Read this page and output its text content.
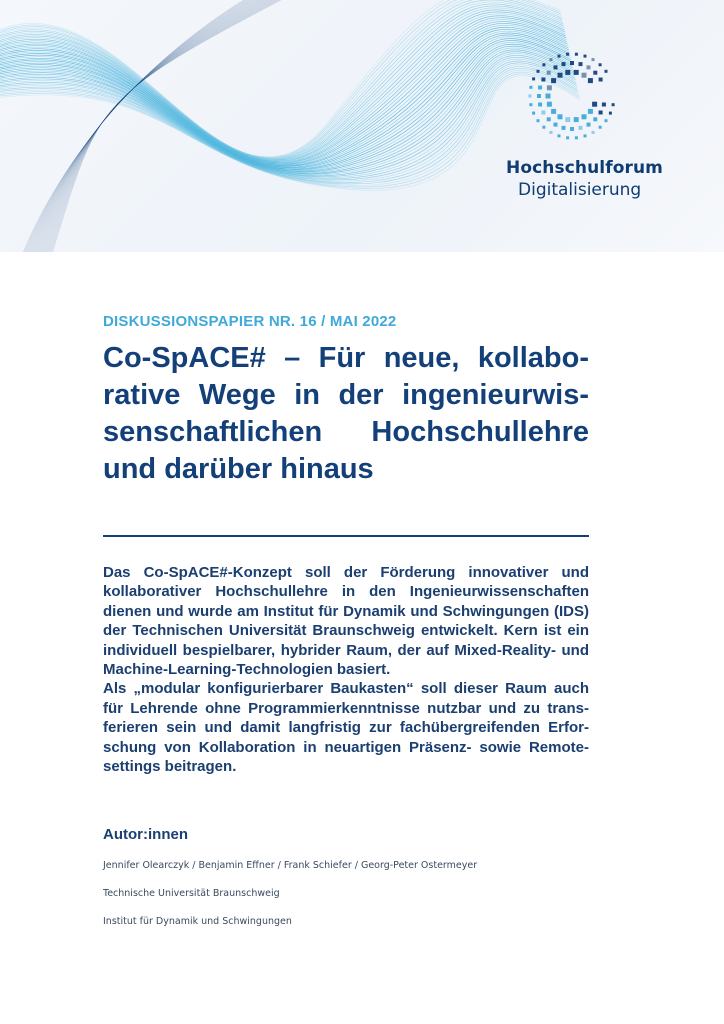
Hochschulforum
Digitalisierung
DISKUSSIONSPAPIER NR. 16 / MAI 2022
Co-SpACE# – Für neue, kollabo-rative Wege in der ingenieurwis-senschaftlichen Hochschullehre und darüber hinaus

Das Co-SpACE#-Konzept soll der Förderung innovativer und kollaborativer Hochschullehre in den Ingenieurwissenschaften dienen und wurde am Institut für Dynamik und Schwingungen (IDS) der Technischen Universität Braunschweig entwickelt. Kern ist ein individuell bespielbarer, hybrider Raum, der auf Mixed-Reality- und Machine-Learning-Technologien basiert.

Als „modular konfigurierbarer Baukasten“ soll dieser Raum auch für Lehrende ohne Programmierkenntnisse nutzbar und zu trans-ferieren sein und damit langfristig zur fachübergreifenden Erfor-schung von Kollaboration in neuartigen Präsenz- sowie Remote-settings beitragen.

Autor:innen
Jennifer Olearczyk / Benjamin Effner / Frank Schiefer / Georg-Peter Ostermeyer
Technische Universität Braunschweig
Institut für Dynamik und Schwingungen
